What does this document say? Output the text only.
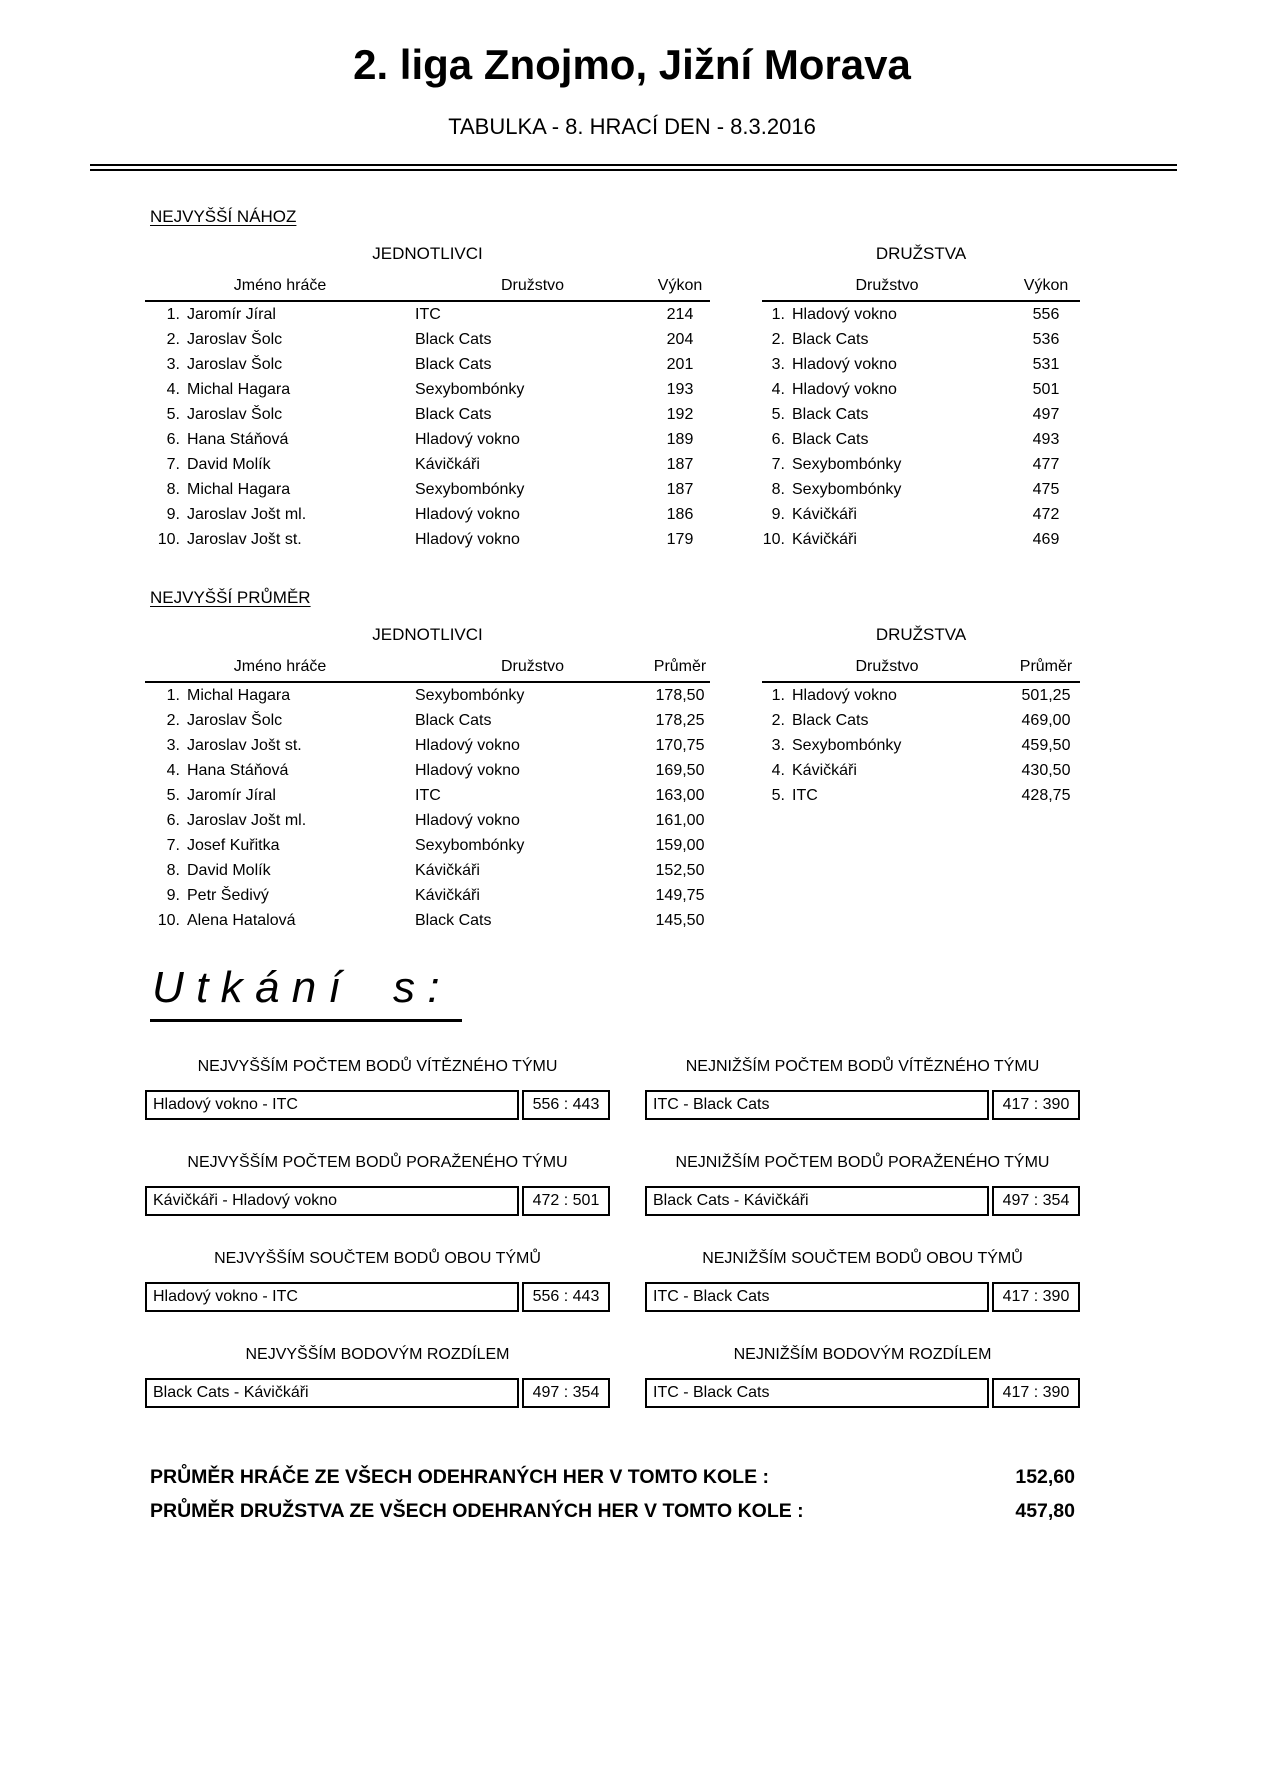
2. liga Znojmo, Jižní Morava
TABULKA - 8. HRACÍ DEN - 8.3.2016
NEJVYŠŠÍ NÁHOZ
JEDNOTLIVCI
Jméno hráče		Družstvo	Výkon
1.	Jaromír Jíral	ITC	214
2.	Jaroslav Šolc	Black Cats	204
3.	Jaroslav Šolc	Black Cats	201
4.	Michal Hagara	Sexybombónky	193
5.	Jaroslav Šolc	Black Cats	192
6.	Hana Stáňová	Hladový vokno	189
7.	David Molík	Kávičkáři	187
8.	Michal Hagara	Sexybombónky	187
9.	Jaroslav Jošt ml.	Hladový vokno	186
10.	Jaroslav Jošt st.	Hladový vokno	179
DRUŽSTVA
Družstvo		Výkon
1.	Hladový vokno	556
2.	Black Cats	536
3.	Hladový vokno	531
4.	Hladový vokno	501
5.	Black Cats	497
6.	Black Cats	493
7.	Sexybombónky	477
8.	Sexybombónky	475
9.	Kávičkáři	472
10.	Kávičkáři	469
NEJVYŠŠÍ PRŮMĚR
JEDNOTLIVCI
Jméno hráče		Družstvo	Průměr
1.	Michal Hagara	Sexybombónky	178,50
2.	Jaroslav Šolc	Black Cats	178,25
3.	Jaroslav Jošt st.	Hladový vokno	170,75
4.	Hana Stáňová	Hladový vokno	169,50
5.	Jaromír Jíral	ITC	163,00
6.	Jaroslav Jošt ml.	Hladový vokno	161,00
7.	Josef Kuřitka	Sexybombónky	159,00
8.	David Molík	Kávičkáři	152,50
9.	Petr Šedivý	Kávičkáři	149,75
10.	Alena Hatalová	Black Cats	145,50
DRUŽSTVA
Družstvo		Průměr
1.	Hladový vokno	501,25
2.	Black Cats	469,00
3.	Sexybombónky	459,50
4.	Kávičkáři	430,50
5.	ITC	428,75
Utkání s:
NEJVYŠŠÍM POČTEM BODŮ VÍTĚZNÉHO TÝMU
Hladový vokno - ITC	556 : 443
NEJNIŽŠÍM POČTEM BODŮ VÍTĚZNÉHO TÝMU
ITC - Black Cats	417 : 390
NEJVYŠŠÍM POČTEM BODŮ PORAŽENÉHO TÝMU
Kávičkáři - Hladový vokno	472 : 501
NEJNIŽŠÍM POČTEM BODŮ PORAŽENÉHO TÝMU
Black Cats - Kávičkáři	497 : 354
NEJVYŠŠÍM SOUČTEM BODŮ OBOU TÝMŮ
Hladový vokno - ITC	556 : 443
NEJNIŽŠÍM SOUČTEM BODŮ OBOU TÝMŮ
ITC - Black Cats	417 : 390
NEJVYŠŠÍM BODOVÝM ROZDÍLEM
Black Cats - Kávičkáři	497 : 354
NEJNIŽŠÍM BODOVÝM ROZDÍLEM
ITC - Black Cats	417 : 390
PRŮMĚR HRÁČE ZE VŠECH ODEHRANÝCH HER V TOMTO KOLE :	152,60
PRŮMĚR DRUŽSTVA ZE VŠECH ODEHRANÝCH HER V TOMTO KOLE :	457,80
